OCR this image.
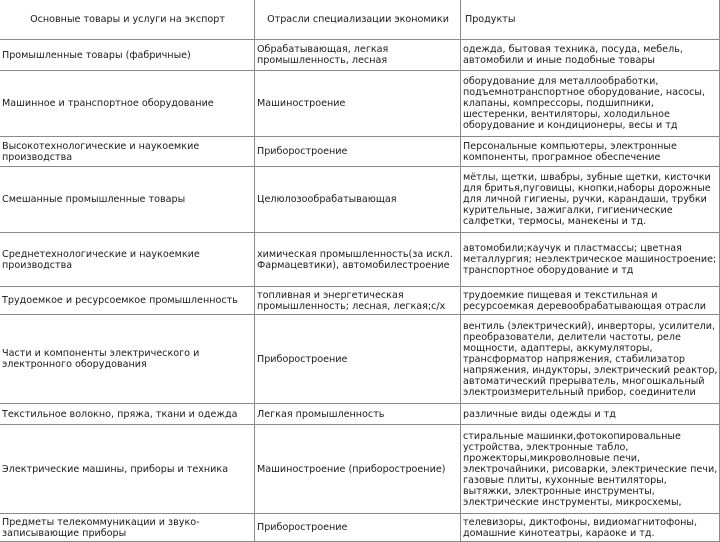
Основные товары и услуги на экспорт	Отрасли специализации экономики	Продукты
Промышленные товары (фабричные)	Обрабатывающая, легкая промышленность, лесная	одежда, бытовая техника, посуда, мебель, автомобили и иные подобные товары
Машинное и транспортное оборудование	Машиностроение	оборудование для металлообработки, подъемнотранспортное оборудование, насосы, клапаны, компрессоры, подшипники, шестеренки, вентиляторы, холодильное оборудование и кондиционеры, весы и тд
Высокотехнологические и наукоемкие производства	Приборостроение	Персональные компьютеры, электронные компоненты, програмное обеспечение
Смешанные промышленные товары	Целюлозообрабатывающая	мётлы, щетки, швабры, зубные щетки, кисточки для бритья,пуговицы, кнопки,наборы дорожные для личной гигиены, ручки, карандаши, трубки курительные, зажигалки, гигиенические салфетки, термосы, манекены и тд.
Среднетехнологические и наукоемкие производства	химическая промышленность(за искл. Фармацевтики), автомобилестроение	автомобили;каучук и пластмассы; цветная металлургия; неэлектрическое машиностроение; транспортное оборудование и тд
Трудоемкое и ресурсоемкое промышленность	топливная и энергетическая промышленность; лесная, легкая;с/х	трудоемкие пищевая и текстильная и ресурсоемкая деревообрабатывающая отрасли
Части и компоненты электрического и электронного оборудования	Приборостроение	вентиль (электрический), инверторы, усилители, преобразователи, делители частоты, реле мощности, адаптеры, аккумуляторы, трансформатор напряжения, стабилизатор напряжения, индукторы, электрический реактор, автоматический прерыватель, многошкальный электроизмерительный прибор, соединители
Текстильное волокно, пряжа, ткани и одежда	Легкая промышленность	различные виды одежды и тд
Электрические машины, приборы и техника	Машиностроение (приборостроение)	стиральные машинки,фотокопировальные устройства, электронные табло, прожекторы,микроволновые печи, электрочайники, рисоварки, электрические печи, газовые плиты, кухонные вентиляторы, вытяжки, электронные инструменты, электрические инструменты, микросхемы,
Предметы телекоммуникации и звуко-записывающие приборы	Приборостроение	телевизоры, диктофоны, видиомагнитофоны, домашние кинотеатры, караоке и тд.
